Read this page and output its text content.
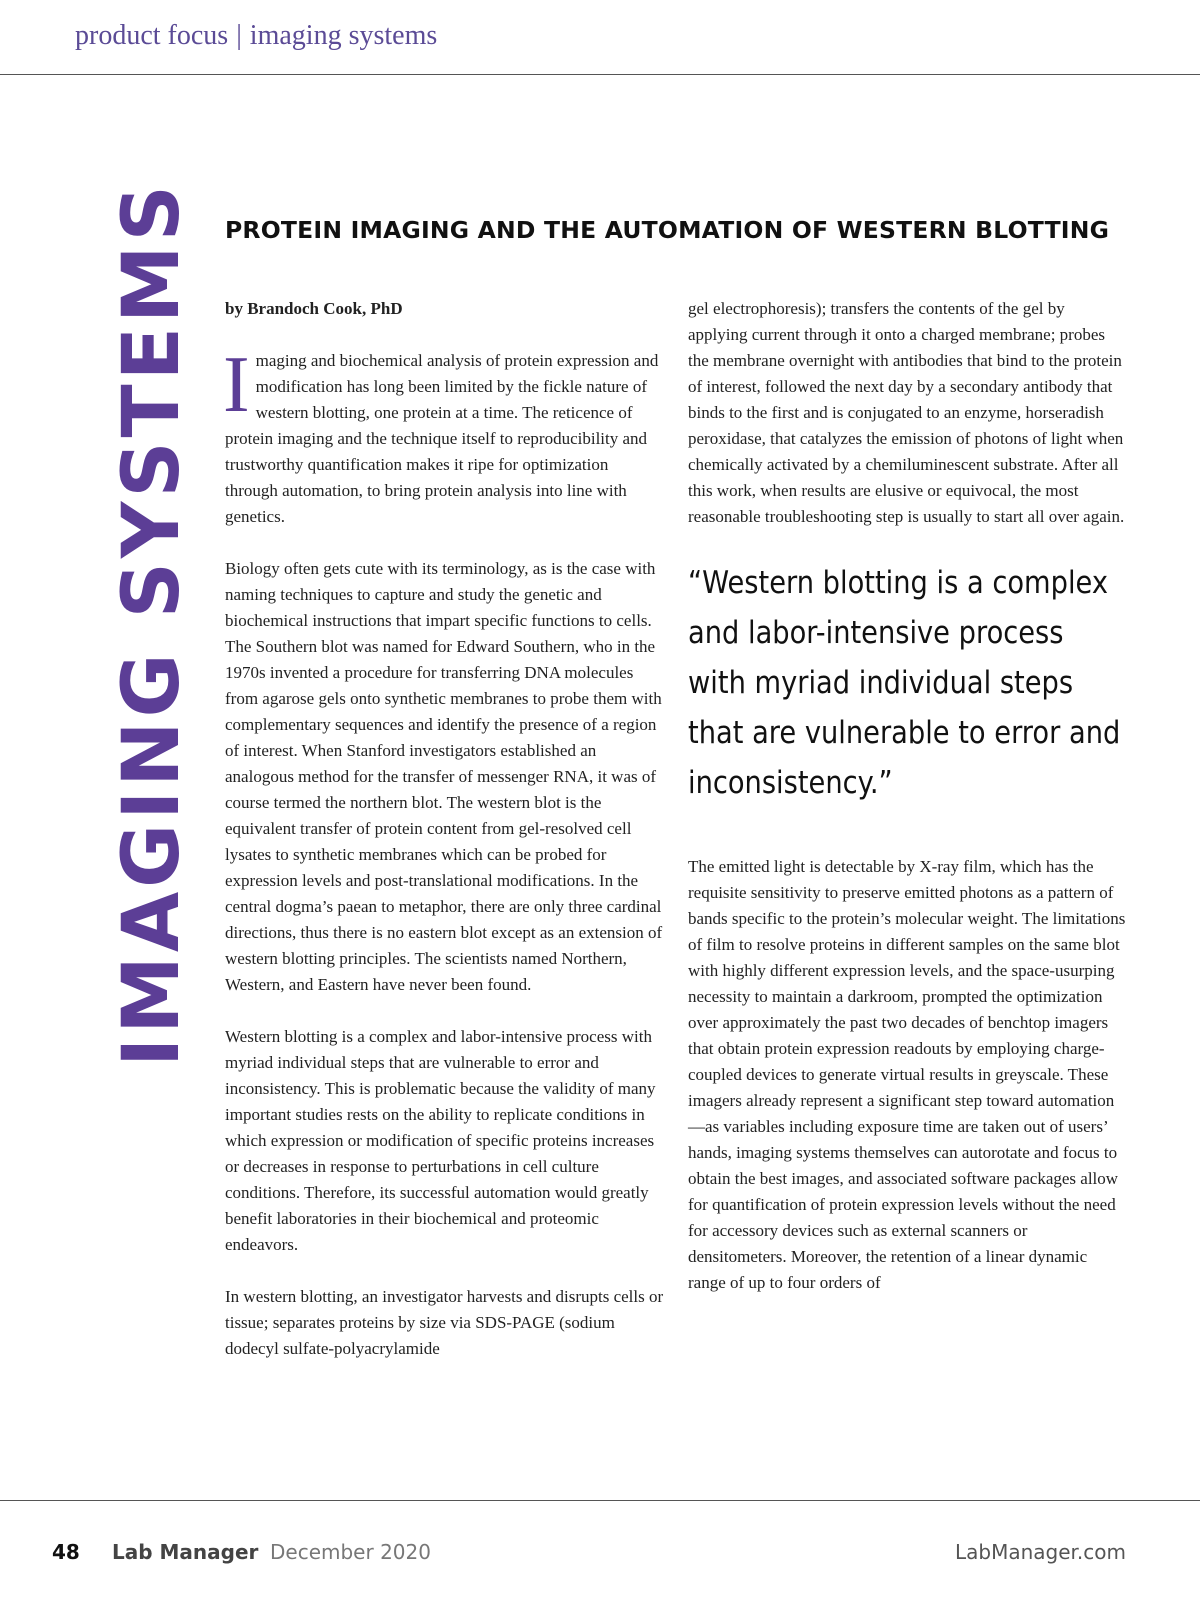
product focus | imaging systems
IMAGING SYSTEMS PROTEIN IMAGING AND THE AUTOMATION OF WESTERN BLOTTING

by Brandoch Cook, PhD

Imaging and biochemical analysis of protein expression and modification has long been limited by the fickle nature of western blotting, one protein at a time. The reticence of protein imaging and the technique itself to reproducibility and trustworthy quantification makes it ripe for optimization through automation, to bring protein analysis into line with genetics.

Biology often gets cute with its terminology, as is the case with naming techniques to capture and study the genetic and biochemical instructions that impart specific functions to cells. The Southern blot was named for Edward Southern, who in the 1970s invented a procedure for transferring DNA molecules from agarose gels onto synthetic membranes to probe them with complementary sequences and identify the presence of a region of interest. When Stanford investigators established an analogous method for the transfer of messenger RNA, it was of course termed the northern blot. The western blot is the equivalent transfer of protein content from gel-resolved cell lysates to synthetic membranes which can be probed for expression levels and post-translational modifications. In the central dogma’s paean to metaphor, there are only three cardinal directions, thus there is no eastern blot except as an extension of western blotting principles. The scientists named Northern, Western, and Eastern have never been found.

Western blotting is a complex and labor-intensive process with myriad individual steps that are vulnerable to error and inconsistency. This is problematic because the validity of many important studies rests on the ability to replicate conditions in which expression or modification of specific proteins increases or decreases in response to perturbations in cell culture conditions. Therefore, its successful automation would greatly benefit laboratories in their biochemical and proteomic endeavors.

In western blotting, an investigator harvests and disrupts cells or tissue; separates proteins by size via SDS-PAGE (sodium dodecyl sulfate-polyacrylamide

gel electrophoresis); transfers the contents of the gel by applying current through it onto a charged membrane; probes the membrane overnight with antibodies that bind to the protein of interest, followed the next day by a secondary antibody that binds to the first and is conjugated to an enzyme, horseradish peroxidase, that catalyzes the emission of photons of light when chemically activated by a chemiluminescent substrate. After all this work, when results are elusive or equivocal, the most reasonable troubleshooting step is usually to start all over again.

“Western blotting is a complex and labor-intensive process with myriad individual steps that are vulnerable to error and inconsistency.”

The emitted light is detectable by X-ray film, which has the requisite sensitivity to preserve emitted photons as a pattern of bands specific to the protein’s molecular weight. The limitations of film to resolve proteins in different samples on the same blot with highly different expression levels, and the space-usurping necessity to maintain a darkroom, prompted the optimization over approximately the past two decades of benchtop imagers that obtain protein expression readouts by employing charge-coupled devices to generate virtual results in greyscale. These imagers already represent a significant step toward automation—as variables including exposure time are taken out of users’ hands, imaging systems themselves can autorotate and focus to obtain the best images, and associated software packages allow for quantification of protein expression levels without the need for accessory devices such as external scanners or densitometers. Moreover, the retention of a linear dynamic range of up to four orders of

48 Lab Manager December 2020	LabManager.com
